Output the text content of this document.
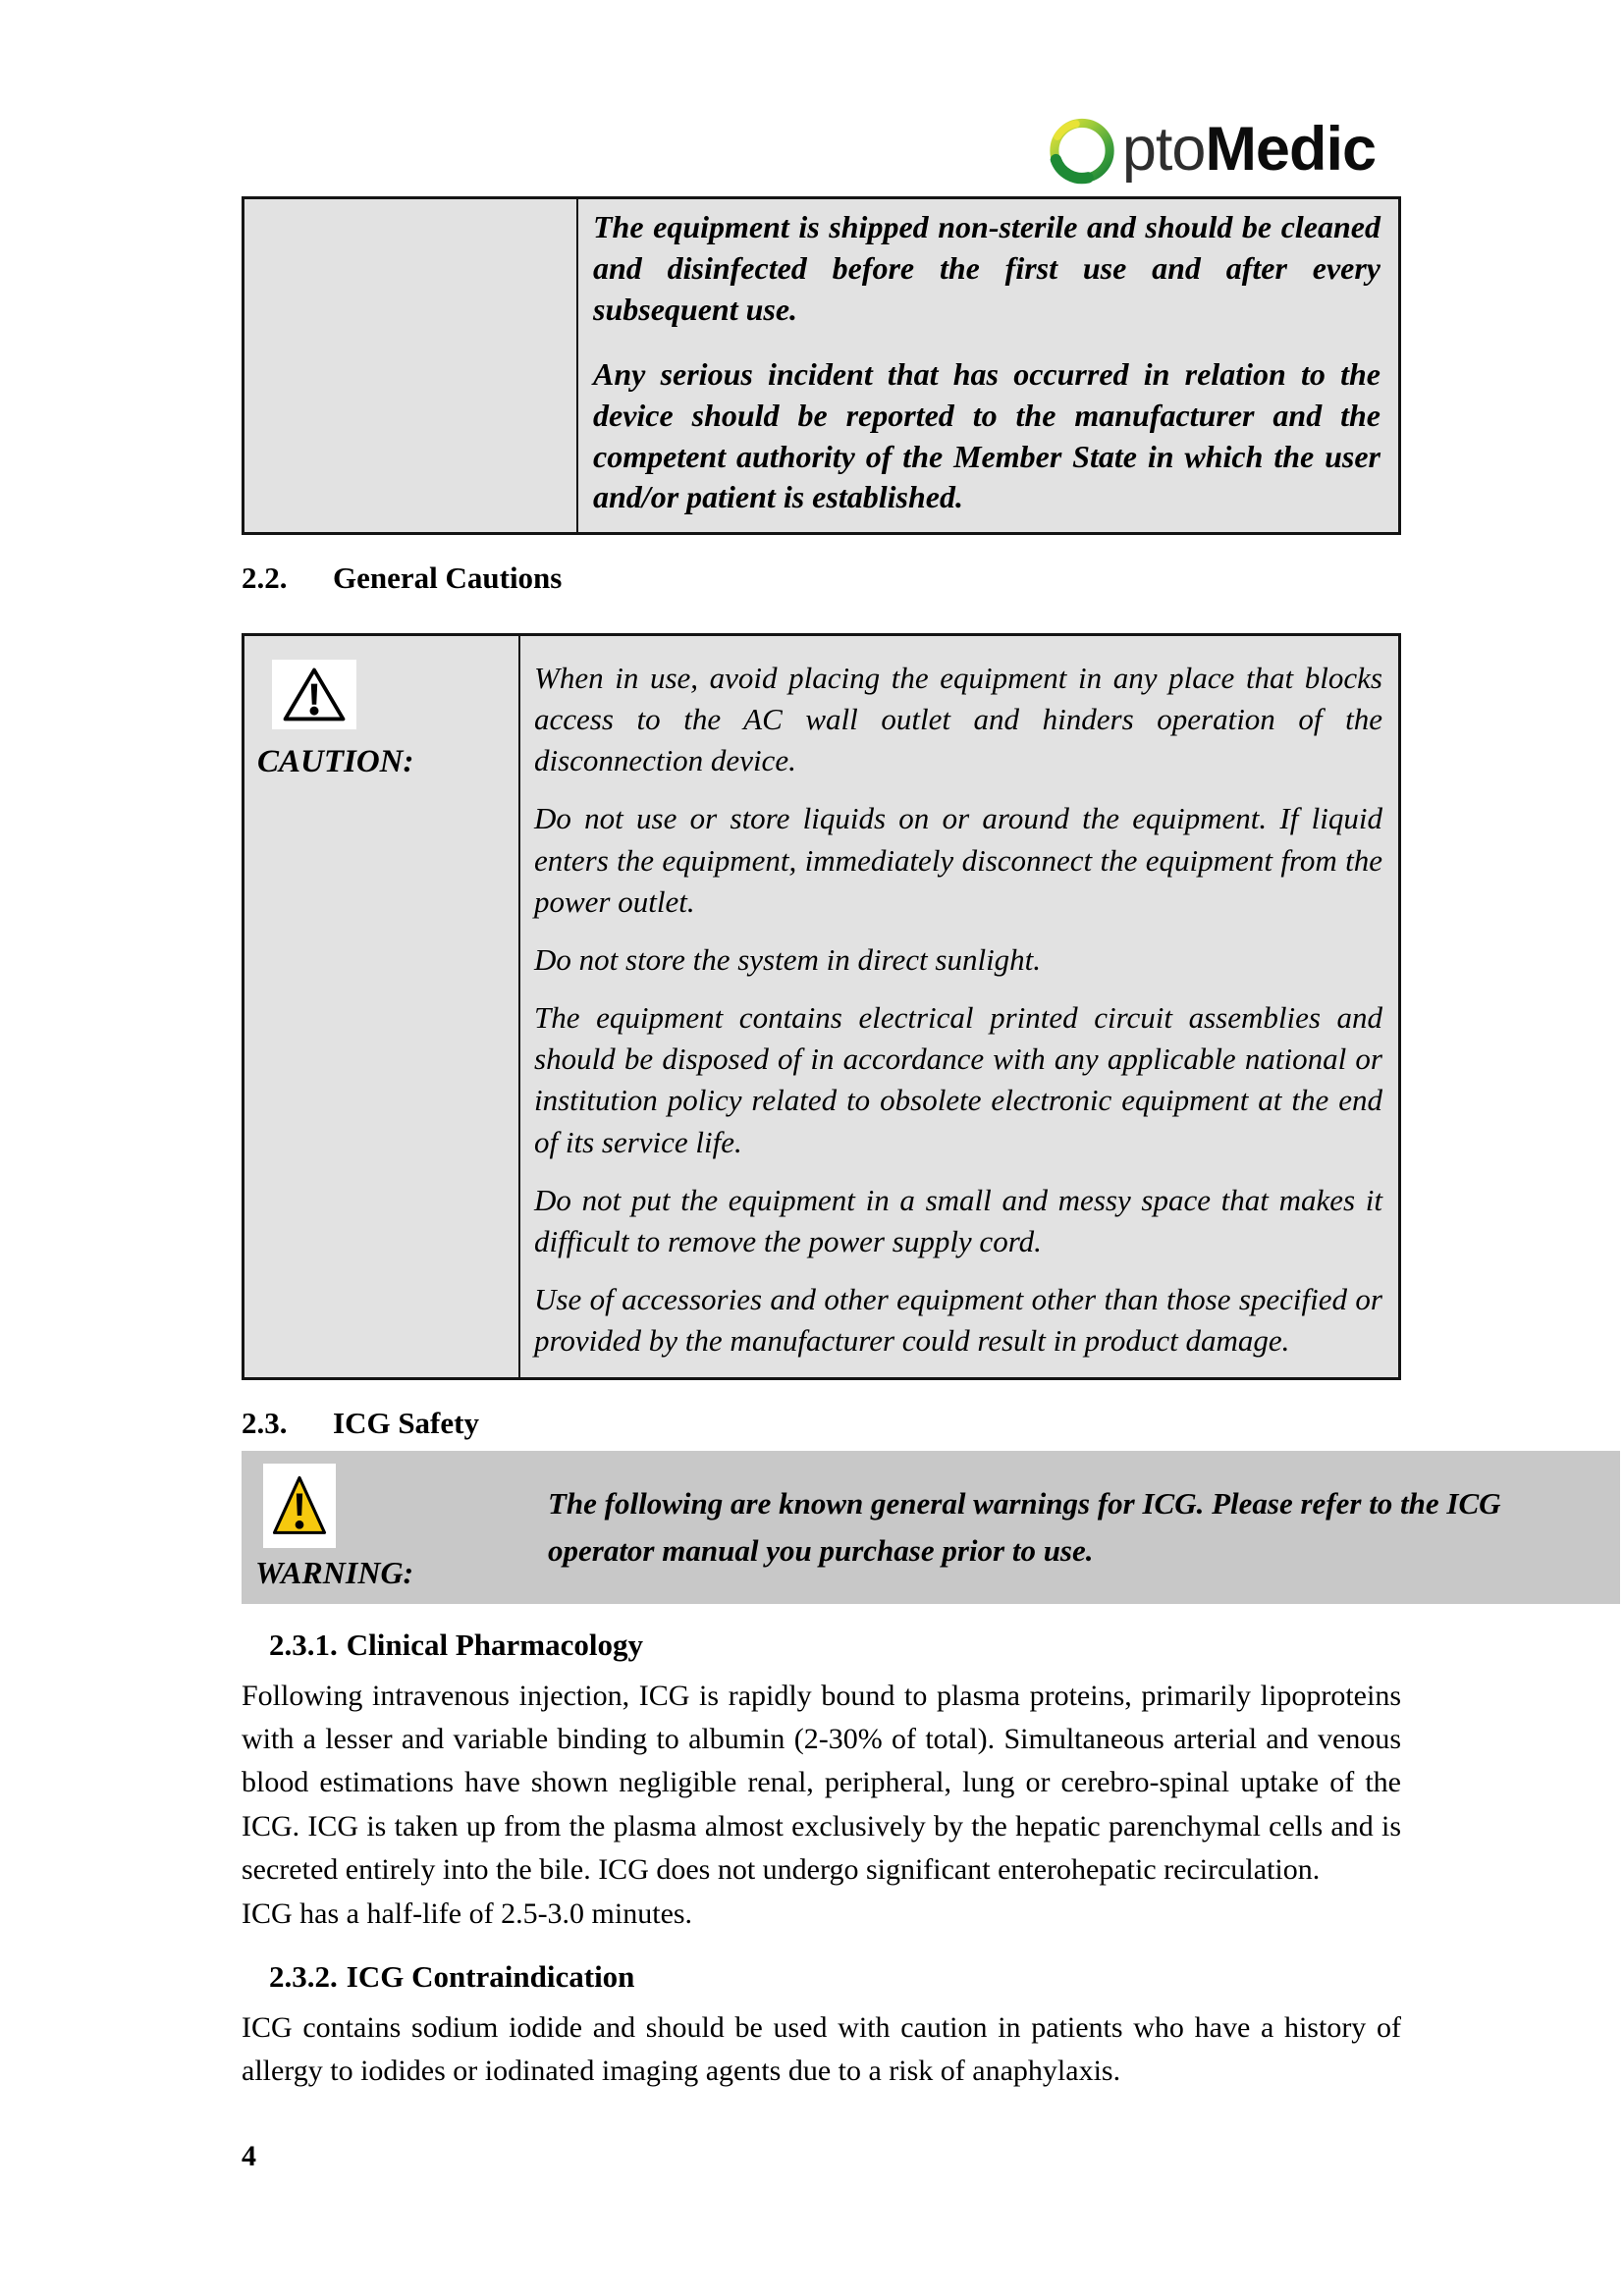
ptoMedic

The equipment is shipped non-sterile and should be cleaned and disinfected before the first use and after every subsequent use.

Any serious incident that has occurred in relation to the device should be reported to the manufacturer and the competent authority of the Member State in which the user and/or patient is established.

2.2. General Cautions
CAUTION:

When in use, avoid placing the equipment in any place that blocks access to the AC wall outlet and hinders operation of the disconnection device.

Do not use or store liquids on or around the equipment. If liquid enters the equipment, immediately disconnect the equipment from the power outlet.

Do not store the system in direct sunlight.

The equipment contains electrical printed circuit assemblies and should be disposed of in accordance with any applicable national or institution policy related to obsolete electronic equipment at the end of its service life.

Do not put the equipment in a small and messy space that makes it difficult to remove the power supply cord.

Use of accessories and other equipment other than those specified or provided by the manufacturer could result in product damage.

2.3. ICG Safety
WARNING:
The following are known general warnings for ICG. Please refer to the ICG operator manual you purchase prior to use.
2.3.1. Clinical Pharmacology

Following intravenous injection, ICG is rapidly bound to plasma proteins, primarily lipoproteins with a lesser and variable binding to albumin (2-30% of total). Simultaneous arterial and venous blood estimations have shown negligible renal, peripheral, lung or cerebro-spinal uptake of the ICG. ICG is taken up from the plasma almost exclusively by the hepatic parenchymal cells and is secreted entirely into the bile. ICG does not undergo significant enterohepatic recirculation.

ICG has a half-life of 2.5-3.0 minutes.

2.3.2. ICG Contraindication

ICG contains sodium iodide and should be used with caution in patients who have a history of allergy to iodides or iodinated imaging agents due to a risk of anaphylaxis.

4
